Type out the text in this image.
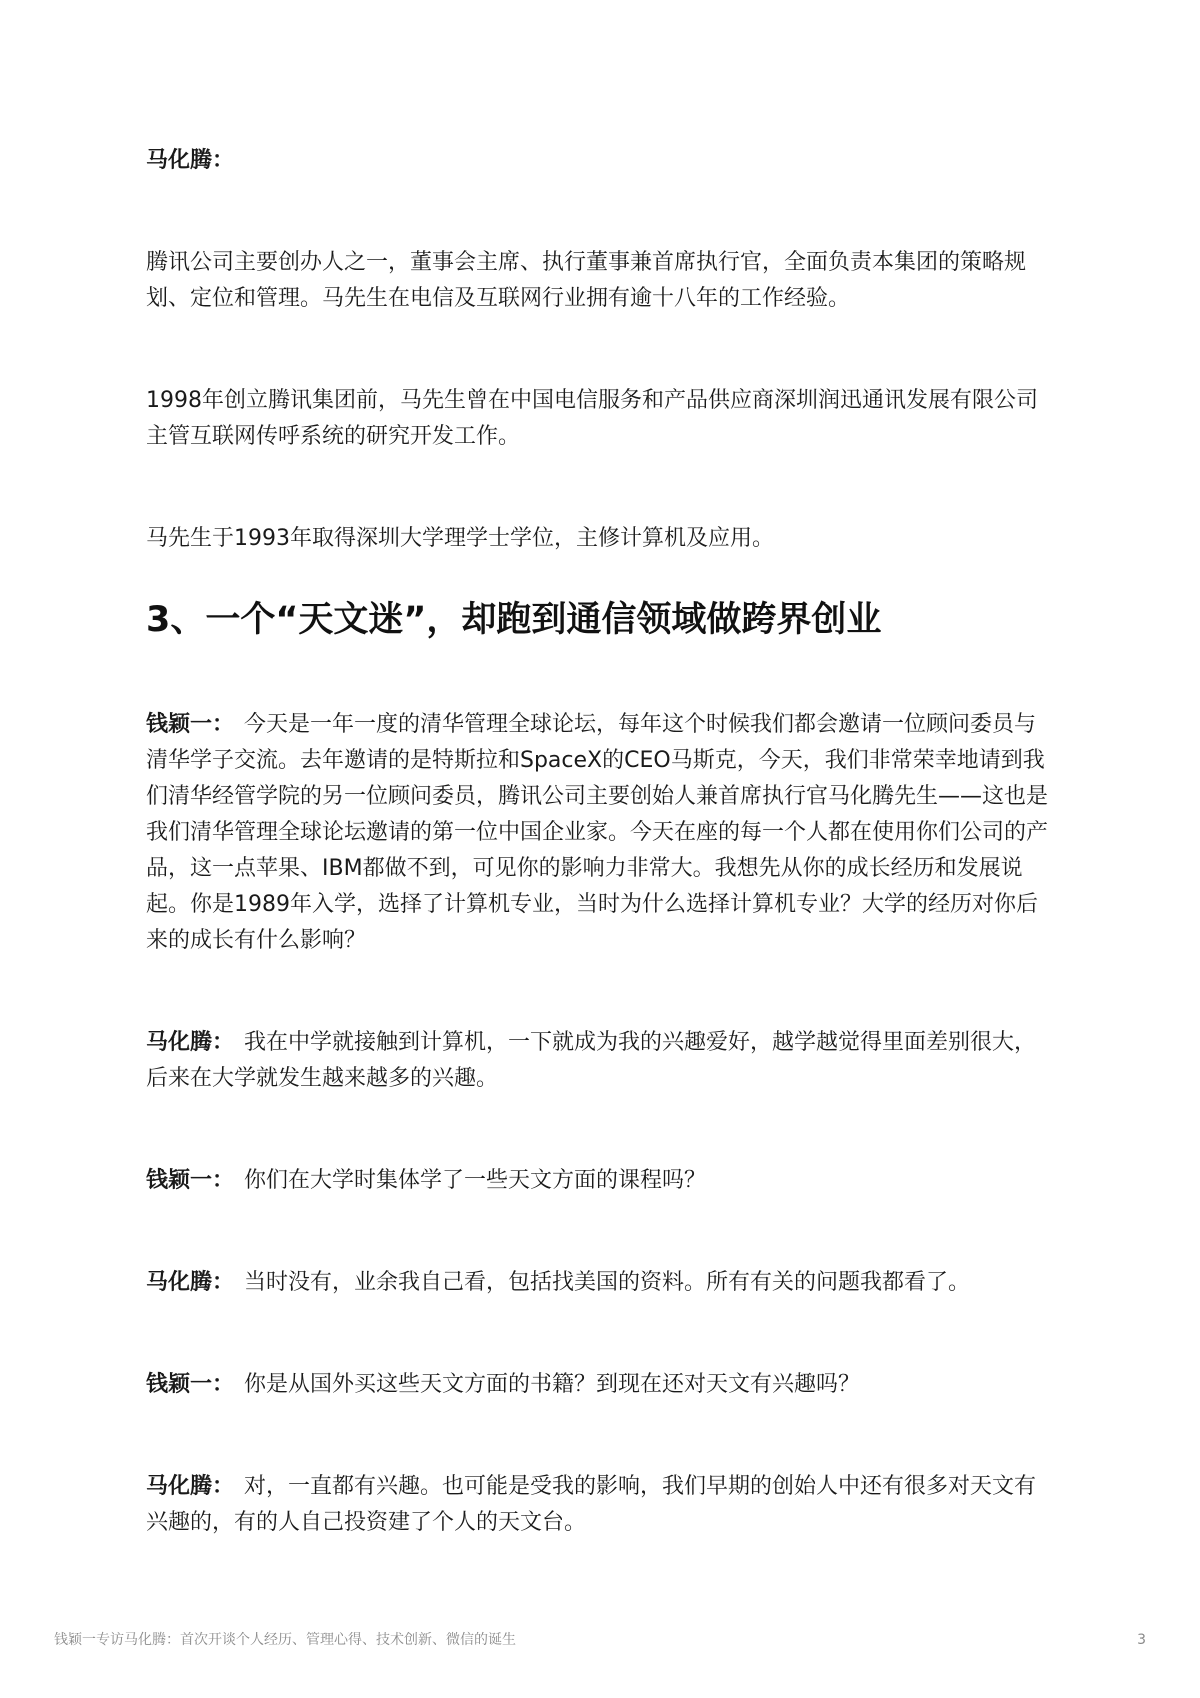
马化腾：

腾讯公司主要创办人之一，董事会主席、执行董事兼首席执行官，全面负责本集团的策略规划、定位和管理。马先生在电信及互联网行业拥有逾十八年的工作经验。

1998年创立腾讯集团前，马先生曾在中国电信服务和产品供应商深圳润迅通讯发展有限公司主管互联网传呼系统的研究开发工作。

马先生于1993年取得深圳大学理学士学位，主修计算机及应用。

3、一个“天文迷”，却跑到通信领域做跨界创业

钱颖一： 今天是一年一度的清华管理全球论坛，每年这个时候我们都会邀请一位顾问委员与清华学子交流。去年邀请的是特斯拉和SpaceX的CEO马斯克，今天，我们非常荣幸地请到我们清华经管学院的另一位顾问委员，腾讯公司主要创始人兼首席执行官马化腾先生——这也是我们清华管理全球论坛邀请的第一位中国企业家。今天在座的每一个人都在使用你们公司的产品，这一点苹果、IBM都做不到，可见你的影响力非常大。我想先从你的成长经历和发展说起。你是1989年入学，选择了计算机专业，当时为什么选择计算机专业？大学的经历对你后来的成长有什么影响？

马化腾： 我在中学就接触到计算机，一下就成为我的兴趣爱好，越学越觉得里面差别很大，后来在大学就发生越来越多的兴趣。

钱颖一： 你们在大学时集体学了一些天文方面的课程吗？

马化腾： 当时没有，业余我自己看，包括找美国的资料。所有有关的问题我都看了。

钱颖一： 你是从国外买这些天文方面的书籍？到现在还对天文有兴趣吗？

马化腾： 对，一直都有兴趣。也可能是受我的影响，我们早期的创始人中还有很多对天文有兴趣的，有的人自己投资建了个人的天文台。

钱颖一专访马化腾：首次开谈个人经历、管理心得、技术创新、微信的诞生	3
